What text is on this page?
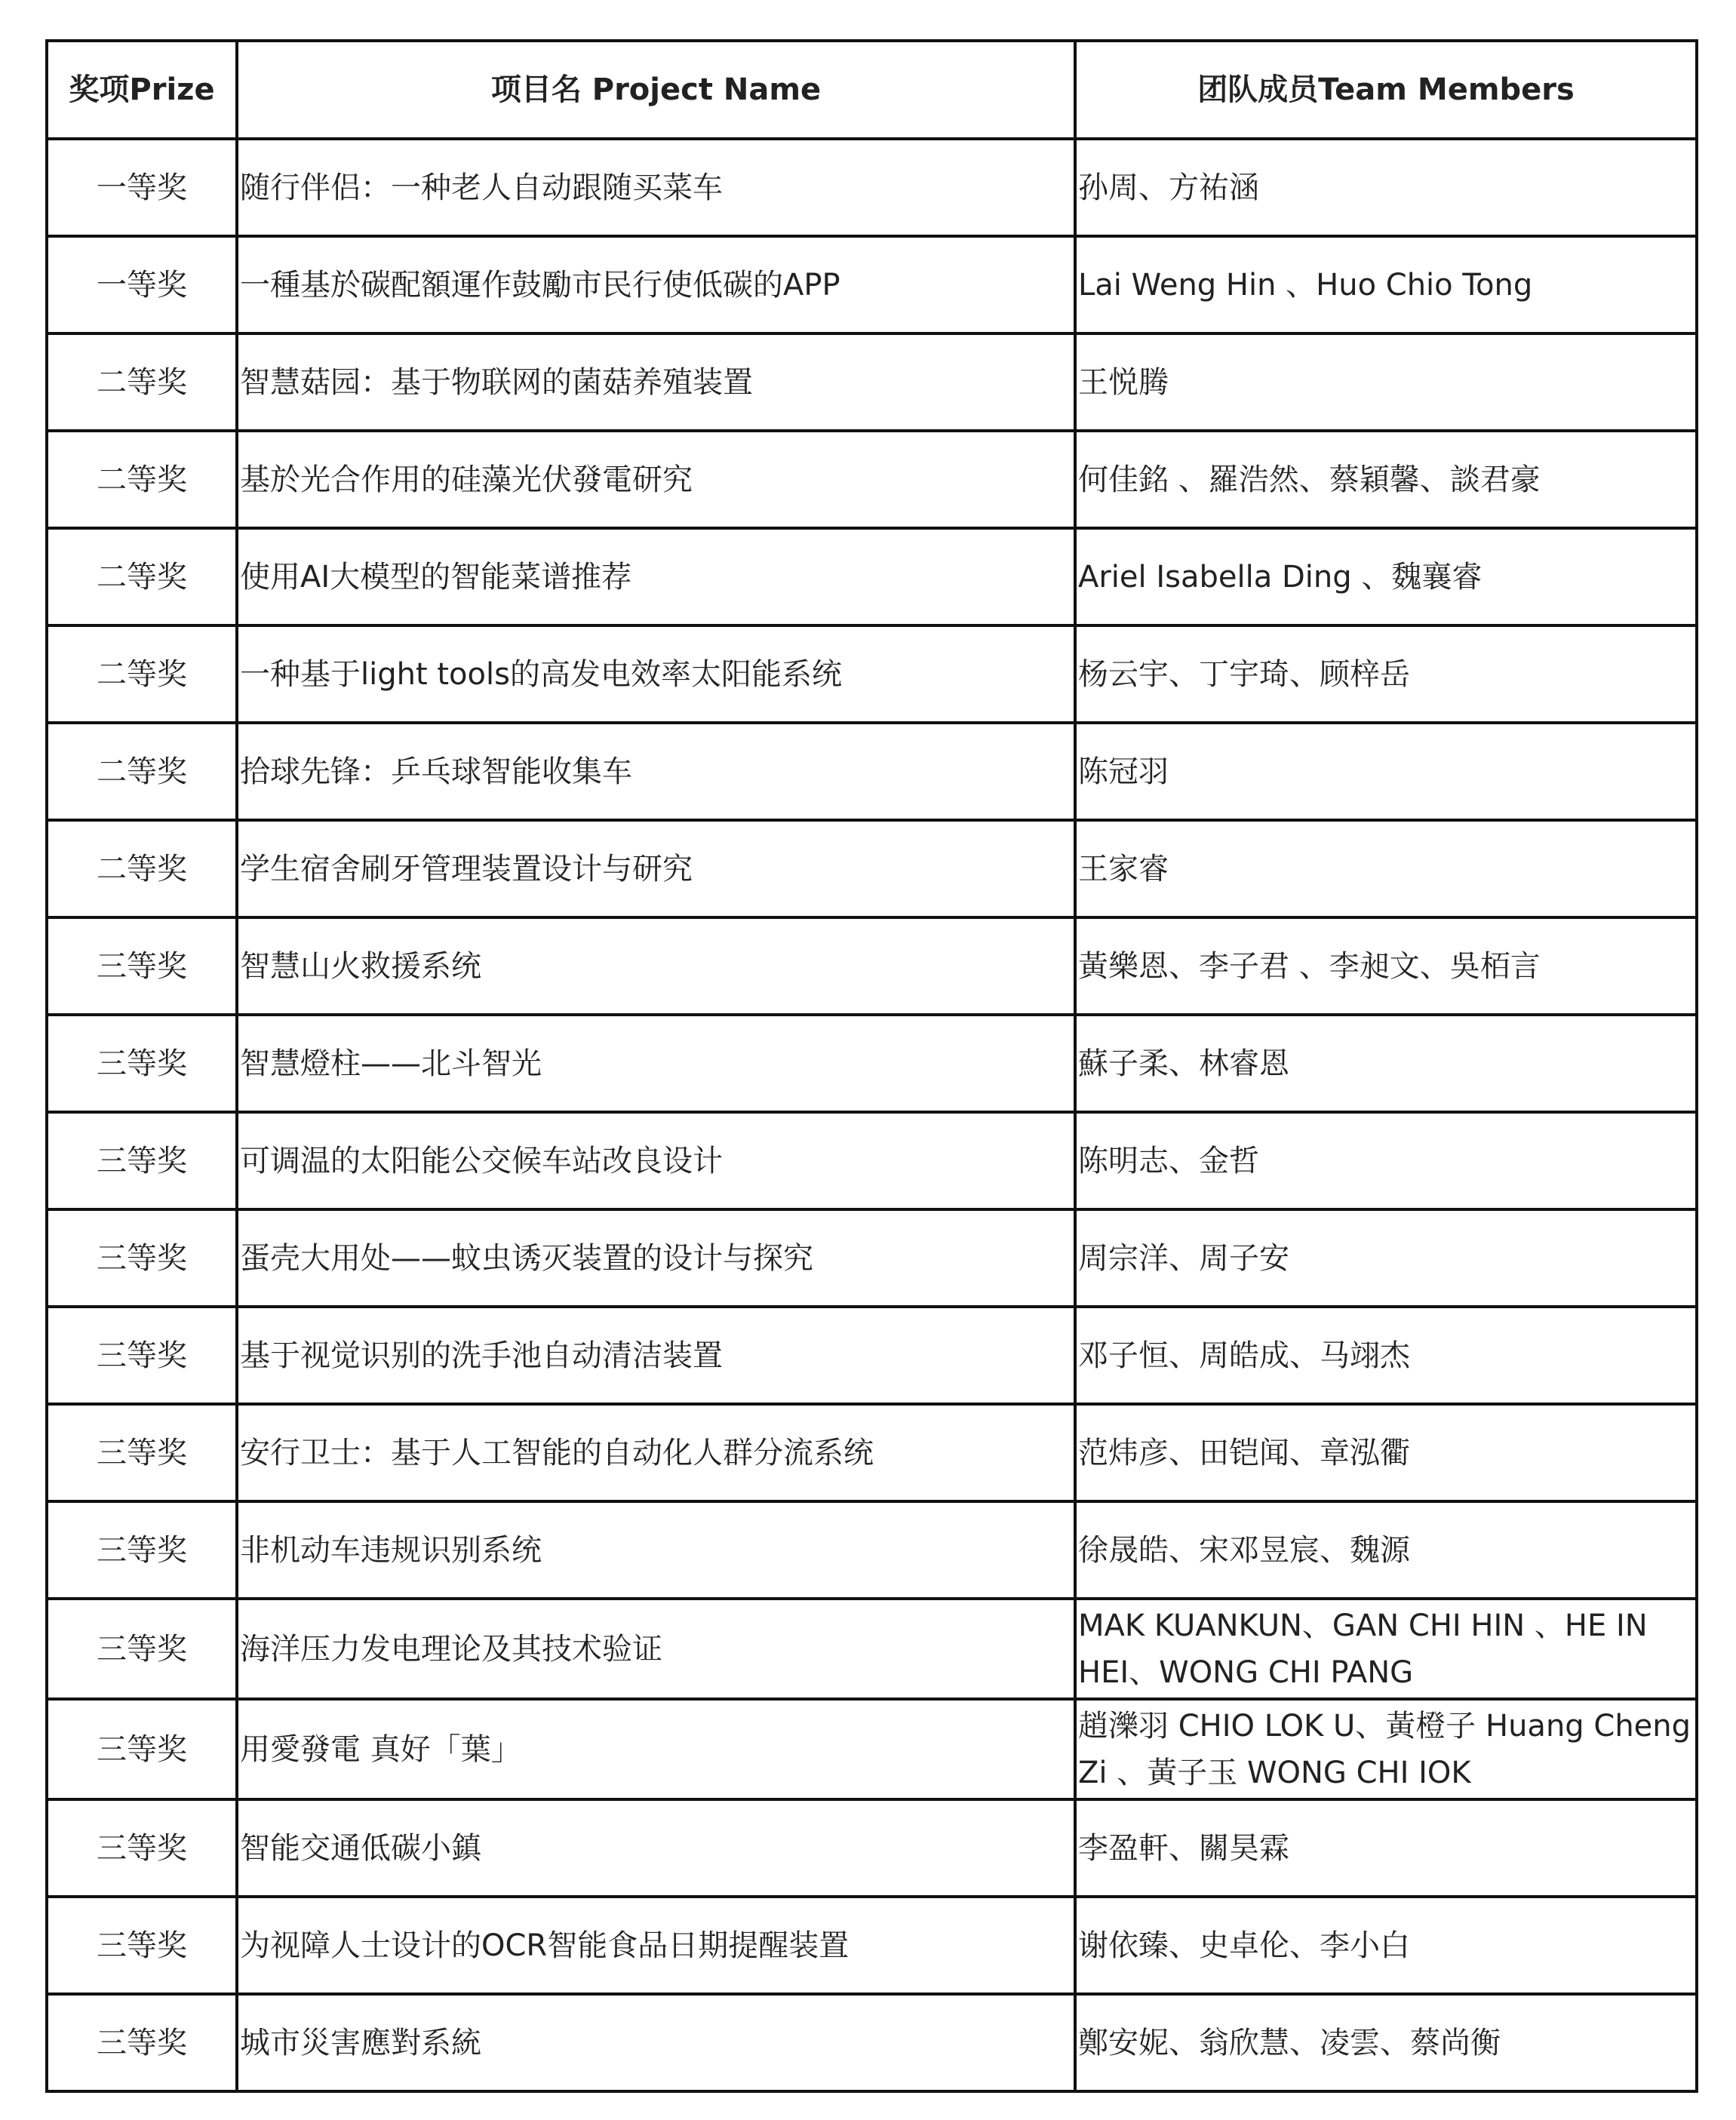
奖项Prize	项目名 Project Name	团队成员Team Members
一等奖	随行伴侣：一种老人自动跟随买菜车	孙周、方祐涵
一等奖	一種基於碳配額運作鼓勵市民行使低碳的APP	Lai Weng Hin 、Huo Chio Tong
二等奖	智慧菇园：基于物联网的菌菇养殖装置	王悦腾
二等奖	基於光合作用的硅藻光伏發電研究	何佳銘 、羅浩然、蔡穎馨、談君豪
二等奖	使用AI大模型的智能菜谱推荐	Ariel Isabella Ding 、魏襄睿
二等奖	一种基于light tools的高发电效率太阳能系统	杨云宇、丁宇琦、顾梓岳
二等奖	拾球先锋：乒乓球智能收集车	陈冠羽
二等奖	学生宿舍刷牙管理装置设计与研究	王家睿
三等奖	智慧山火救援系统	黃樂恩、李子君 、李昶文、吳栢言
三等奖	智慧燈柱——北斗智光	蘇子柔、林睿恩
三等奖	可调温的太阳能公交候车站改良设计	陈明志、金哲
三等奖	蛋壳大用处——蚊虫诱灭装置的设计与探究	周宗洋、周子安
三等奖	基于视觉识别的洗手池自动清洁装置	邓子恒、周皓成、马翊杰
三等奖	安行卫士：基于人工智能的自动化人群分流系统	范炜彦、田铠闻、章泓衢
三等奖	非机动车违规识别系统	徐晟皓、宋邓昱宸、魏源
三等奖	海洋压力发电理论及其技术验证	MAK KUANKUN、GAN CHI HIN 、HE IN
HEI、WONG CHI PANG
三等奖	用愛發電 真好「葉」	趙濼羽 CHIO LOK U、黃橙子 Huang Cheng
Zi 、黃子玉 WONG CHI IOK
三等奖	智能交通低碳小鎮	李盈軒、關昊霖
三等奖	为视障人士设计的OCR智能食品日期提醒装置	谢依臻、史卓伦、李小白
三等奖	城市災害應對系統	鄭安妮、翁欣慧、凌雲、蔡尚衡
